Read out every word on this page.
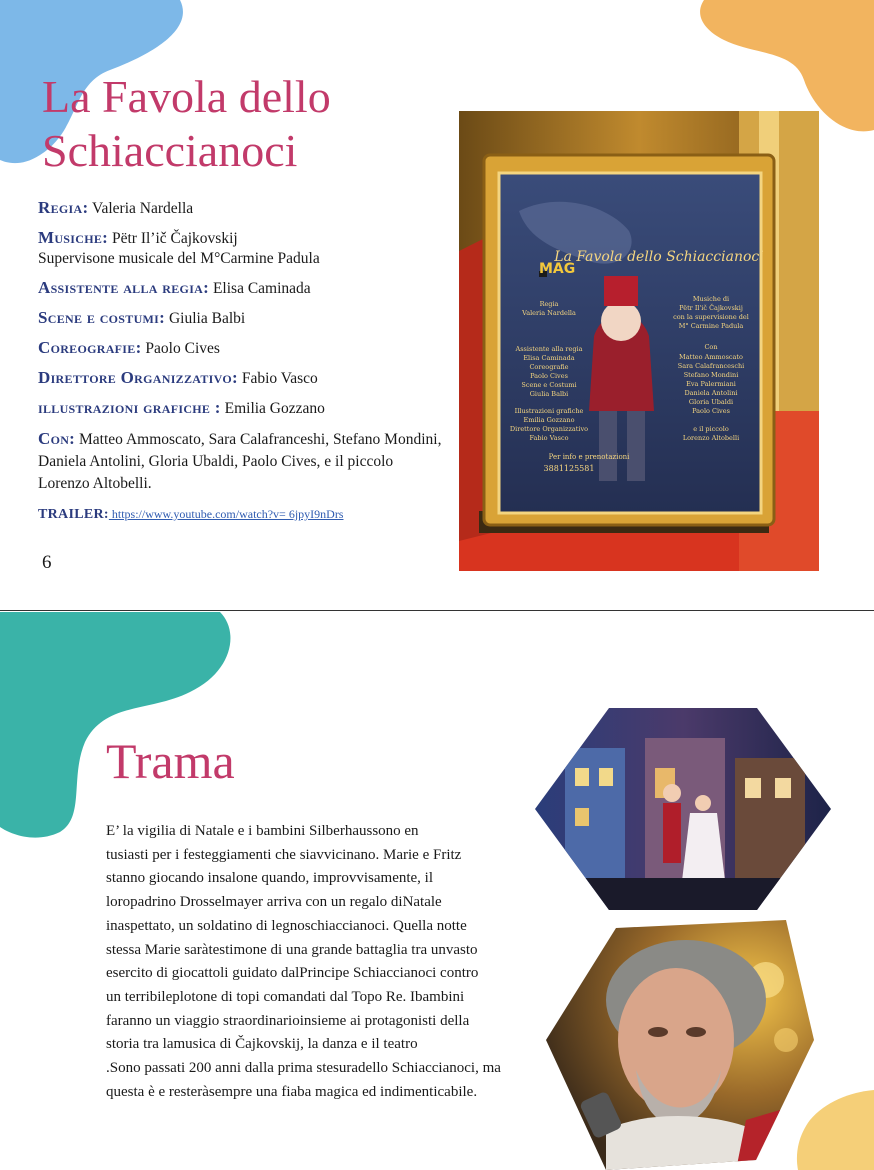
La Favola dello
Schiaccianoci
Regia: Valeria Nardella
Musiche: Pëtr Il’ič Čajkovskij
Supervisone musicale del M°Carmine Padula
Assistente alla regia: Elisa Caminada
Scene e costumi: Giulia Balbi
Coreografie: Paolo Cives
Direttore Organizzativo: Fabio Vasco
illustrazioni grafiche : Emilia Gozzano
Con: Matteo Ammoscato, Sara Calafranceshi, Stefano Mondini, Daniela Antolini, Gloria Ubaldi, Paolo Cives, e il piccolo Lorenzo Altobelli.
TRAILER: https://www.youtube.com/watch?v= 6jpyI9nDrs
6
MAG
La Favola dello Schiaccianoci
Regia
Valeria Nardella
Assistente alla regia
Elisa Caminada
Coreografie
Paolo Cives
Scene e Costumi
Giulia Balbi
Illustrazioni grafiche
Emilia Gozzano
Direttore Organizzativo
Fabio Vasco
Musiche di
Pëtr Il'ič Čajkovskij
con la supervisione del
M° Carmine Padula
Con
Matteo Ammoscato
Sara Calafranceschi
Stefano Mondini
Eva Palermiani
Daniela Antolini
Gloria Ubaldi
Paolo Cives
e il piccolo
Lorenzo Altobelli
Per info e prenotazioni
3881125581
Trama

E’ la vigilia di Natale e i bambini Silberhaussono en

tusiasti per i festeggiamenti che siavvicinano. Marie e Fritz

stanno giocando insalone quando, improvvisamente, il

loropadrino Drosselmayer arriva con un regalo diNatale

inaspettato, un soldatino di legnoschiaccianoci. Quella notte

stessa Marie saràtestimone di una grande battaglia tra unvasto

esercito di giocattoli guidato dalPrincipe Schiaccianoci contro

un terribileplotone di topi comandati dal Topo Re. Ibambini

faranno un viaggio straordinarioinsieme ai protagonisti della

storia tra lamusica di Čajkovskij, la danza e il teatro

.Sono passati 200 anni dalla prima stesuradello Schiaccianoci, ma

questa è e resteràsempre una fiaba magica ed indimenticabile.
